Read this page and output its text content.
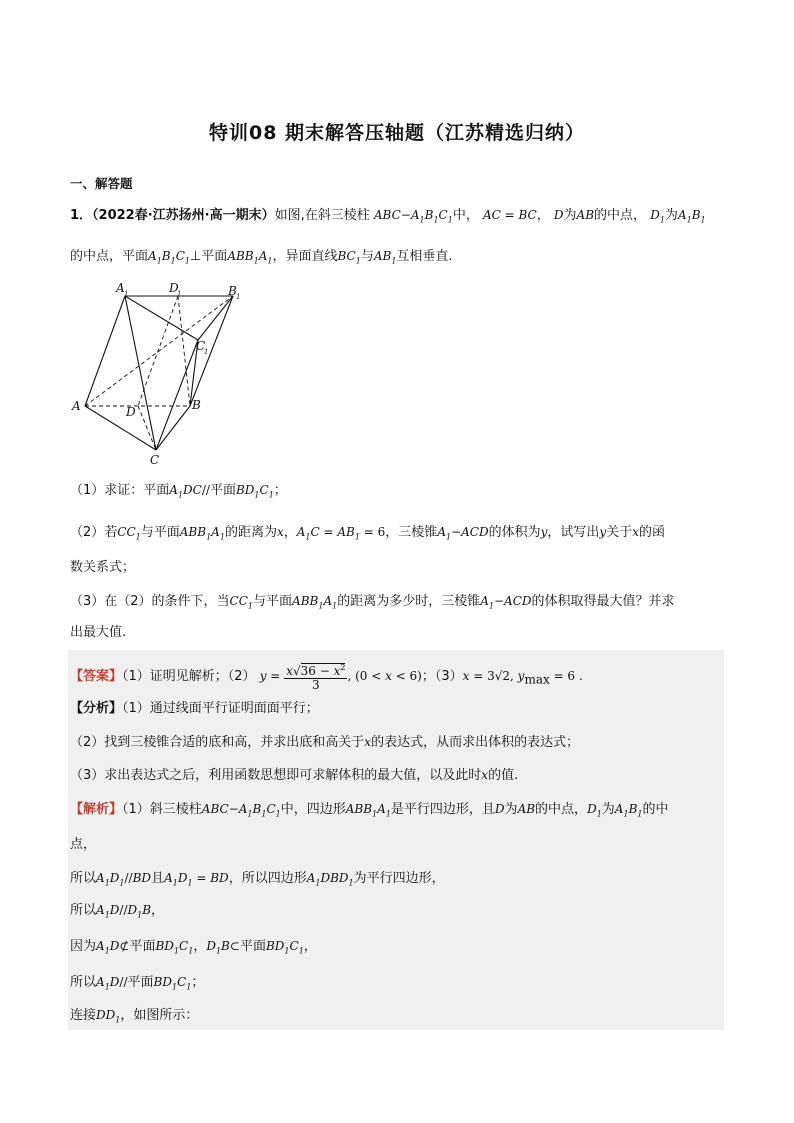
特训08 期末解答压轴题（江苏精选归纳）
一、解答题
1．（2022春·江苏扬州·高一期末）如图,在斜三棱柱 $ABC-A_1B_1C_1$中， AC = BC， D为AB的中点， $D_1$为$A_1B_1$
的中点，平面$A_1B_1C_1\perp$平面$ABB_1A_1$，异面直线$BC_1$与$AB_1$互相垂直.
A 1	D
1	B 1
C
1
D	B
A
C
（1）求证：平面$A_1DC//$平面$BD_1C_1$；
（2）若$CC_1$与平面$ABB_1A_1$的距离为x，$A_1C = AB_1 = 6$，三棱锥$A_1-ACD$的体积为y，试写出y关于x的函
数关系式；
（3）在（2）的条件下，当$CC_1$与平面$ABB_1A_1$的距离为多少时，三棱锥$A_1-ACD$的体积取得最大值？并求
出最大值.
【答案】（1）证明见解析；（2） $y = \frac{x√36 - x^2}{3}$ , (0 < x < 6)；（3）x = 3√2, $y_{max} = 6$ .
【分析】（1）通过线面平行证明面面平行；
（2）找到三棱锥合适的底和高，并求出底和高关于x的表达式，从而求出体积的表达式；
（3）求出表达式之后，利用函数思想即可求解体积的最大值，以及此时x的值.
【解析】（1）斜三棱柱$ABC-A_1B_1C_1$中，四边形$ABB_1A_1$是平行四边形，且D为AB的中点，$D_1$为$A_1B_1$的中
点，
所以$A_1D_1//BD$且$A_1D_1$ = BD，所以四边形$A_1DBD_1$为平行四边形，
所以$A_1D//D_1B$，
因为$A_1D⊄$平面$BD_1C_1$，$D_1B\subset$平面$BD_1C_1$，
所以$A_1D//$平面$BD_1C_1$；
连接$DD_1$，如图所示：
